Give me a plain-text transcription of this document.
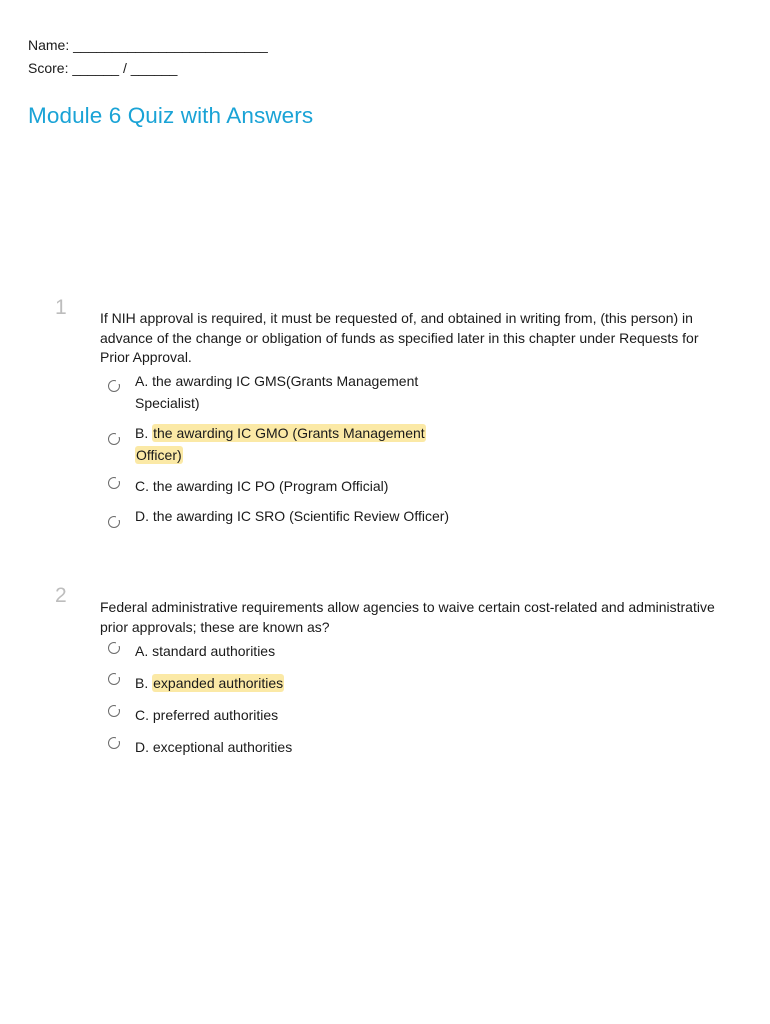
Name: _________________________
Score: ______ / ______
Module 6 Quiz with Answers
1 If NIH approval is required, it must be requested of, and obtained in writing from, (this person) in advance of the change or obligation of funds as specified later in this chapter under Requests for Prior Approval.
A. the awarding IC GMS(Grants Management Specialist)
B. the awarding IC GMO (Grants Management Officer)
C. the awarding IC PO (Program Official)
D. the awarding IC SRO (Scientific Review Officer)
2 Federal administrative requirements allow agencies to waive certain cost-related and administrative prior approvals; these are known as?
A. standard authorities
B. expanded authorities
C. preferred authorities
D. exceptional authorities
